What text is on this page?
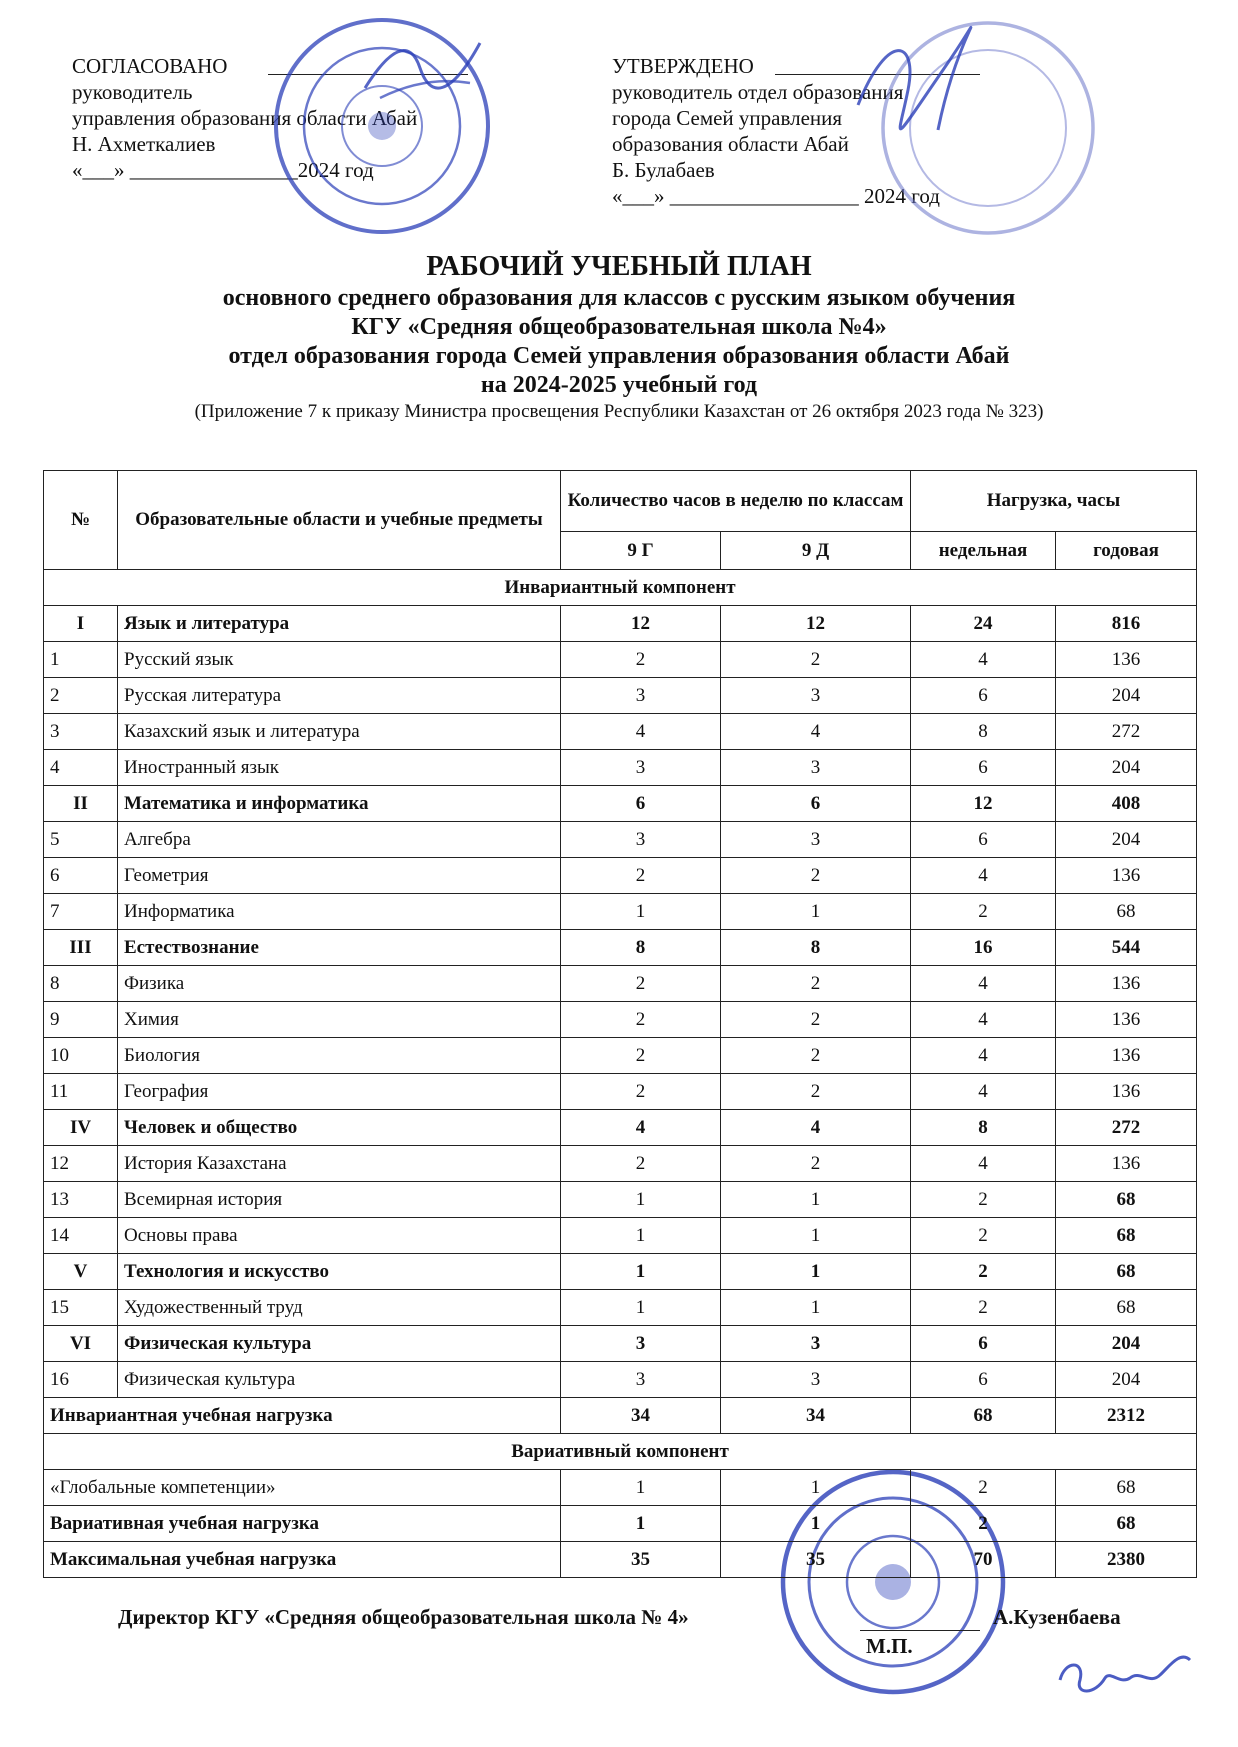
СОГЛАСОВАНО
руководитель
управления образования области Абай
Н. Ахметкалиев
«___» ________________2024 год
УТВЕРЖДЕНО
руководитель отдел образования
города Семей управления
образования области Абай
Б. Булабаев
«___» __________________ 2024 год
РАБОЧИЙ УЧЕБНЫЙ ПЛАН
основного среднего образования для классов с русским языком обучения
КГУ «Средняя общеобразовательная школа №4»
отдел образования города Семей управления образования области Абай
на 2024-2025 учебный год
(Приложение 7 к приказу Министра просвещения Республики Казахстан от 26 октября 2023 года № 323)
№	Образовательные области и учебные предметы	Количество часов в неделю по классам		Нагрузка, часы	
		9 Г	9 Д	недельная	годовая
Инвариантный компонент					
I	Язык и литература	12	12	24	816
1	Русский язык	2	2	4	136
2	Русская литература	3	3	6	204
3	Казахский язык и литература	4	4	8	272
4	Иностранный язык	3	3	6	204
II	Математика и информатика	6	6	12	408
5	Алгебра	3	3	6	204
6	Геометрия	2	2	4	136
7	Информатика	1	1	2	68
III	Естествознание	8	8	16	544
8	Физика	2	2	4	136
9	Химия	2	2	4	136
10	Биология	2	2	4	136
11	География	2	2	4	136
IV	Человек и общество	4	4	8	272
12	История Казахстана	2	2	4	136
13	Всемирная история	1	1	2	68
14	Основы права	1	1	2	68
V	Технология и искусство	1	1	2	68
15	Художественный труд	1	1	2	68
VI	Физическая культура	3	3	6	204
16	Физическая культура	3	3	6	204
Инвариантная учебная нагрузка		34	34	68	2312
Вариативный компонент					
«Глобальные компетенции»		1	1	2	68
Вариативная учебная нагрузка		1	1	2	68
Максимальная учебная нагрузка		35	35	70	2380
Директор КГУ «Средняя общеобразовательная школа № 4»
М.П.
А.Кузенбаева
